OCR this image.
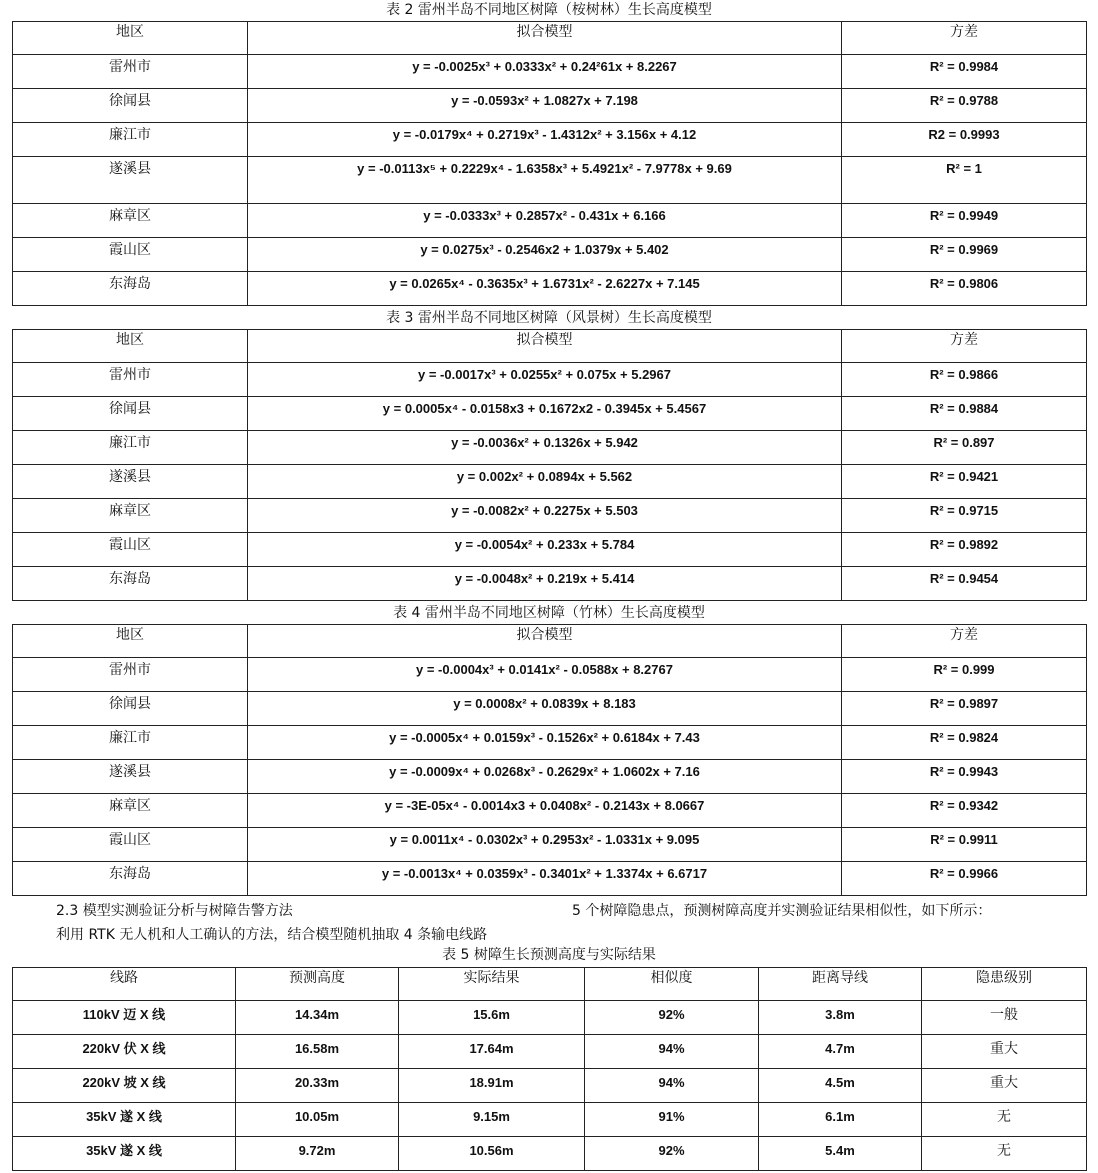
表 2 雷州半岛不同地区树障（桉树林）生长高度模型
地区	拟合模型	方差

雷州市	y = -0.0025x³ + 0.0333x² + 0.24²61x + 8.2267	R² = 0.9984

徐闻县	y = -0.0593x² + 1.0827x + 7.198	R² = 0.9788

廉江市	y = -0.0179x⁴ + 0.2719x³ - 1.4312x² + 3.156x + 4.12	R2 = 0.9993

遂溪县	y = -0.0113x⁵ + 0.2229x⁴ - 1.6358x³ + 5.4921x² - 7.9778x + 9.69	R² = 1

麻章区	y = -0.0333x³ + 0.2857x² - 0.431x + 6.166	R² = 0.9949

霞山区	y = 0.0275x³ - 0.2546x2 + 1.0379x + 5.402	R² = 0.9969

东海岛	y = 0.0265x⁴ - 0.3635x³ + 1.6731x² - 2.6227x + 7.145	R² = 0.9806
表 3 雷州半岛不同地区树障（风景树）生长高度模型
地区	拟合模型	方差

雷州市	y = -0.0017x³ + 0.0255x² + 0.075x + 5.2967	R² = 0.9866

徐闻县	y = 0.0005x⁴ - 0.0158x3 + 0.1672x2 - 0.3945x + 5.4567	R² = 0.9884

廉江市	y = -0.0036x² + 0.1326x + 5.942	R² = 0.897

遂溪县	y = 0.002x² + 0.0894x + 5.562	R² = 0.9421

麻章区	y = -0.0082x² + 0.2275x + 5.503	R² = 0.9715

霞山区	y = -0.0054x² + 0.233x + 5.784	R² = 0.9892

东海岛	y = -0.0048x² + 0.219x + 5.414	R² = 0.9454
表 4 雷州半岛不同地区树障（竹林）生长高度模型
地区	拟合模型	方差

雷州市	y = -0.0004x³ + 0.0141x² - 0.0588x + 8.2767	R² = 0.999

徐闻县	y = 0.0008x² + 0.0839x + 8.183	R² = 0.9897

廉江市	y = -0.0005x⁴ + 0.0159x³ - 0.1526x² + 0.6184x + 7.43	R² = 0.9824

遂溪县	y = -0.0009x⁴ + 0.0268x³ - 0.2629x² + 1.0602x + 7.16	R² = 0.9943

麻章区	y = -3E-05x⁴ - 0.0014x3 + 0.0408x² - 0.2143x + 8.0667	R² = 0.9342

霞山区	y = 0.0011x⁴ - 0.0302x³ + 0.2953x² - 1.0331x + 9.095	R² = 0.9911

东海岛	y = -0.0013x⁴ + 0.0359x³ - 0.3401x² + 1.3374x + 6.6717	R² = 0.9966
2.3 模型实测验证分析与树障告警方法	5 个树障隐患点，预测树障高度并实测验证结果相似性，如下所示：
利用 RTK 无人机和人工确认的方法，结合模型随机抽取 4 条输电线路
表 5 树障生长预测高度与实际结果
线路	预测高度	实际结果	相似度	距离导线	隐患级别

110kV 迈 X 线	14.34m	15.6m	92%	3.8m	一般

220kV 伏 X 线	16.58m	17.64m	94%	4.7m	重大

220kV 坡 X 线	20.33m	18.91m	94%	4.5m	重大

35kV 遂 X 线	10.05m	9.15m	91%	6.1m	无

35kV 遂 X 线	9.72m	10.56m	92%	5.4m	无
